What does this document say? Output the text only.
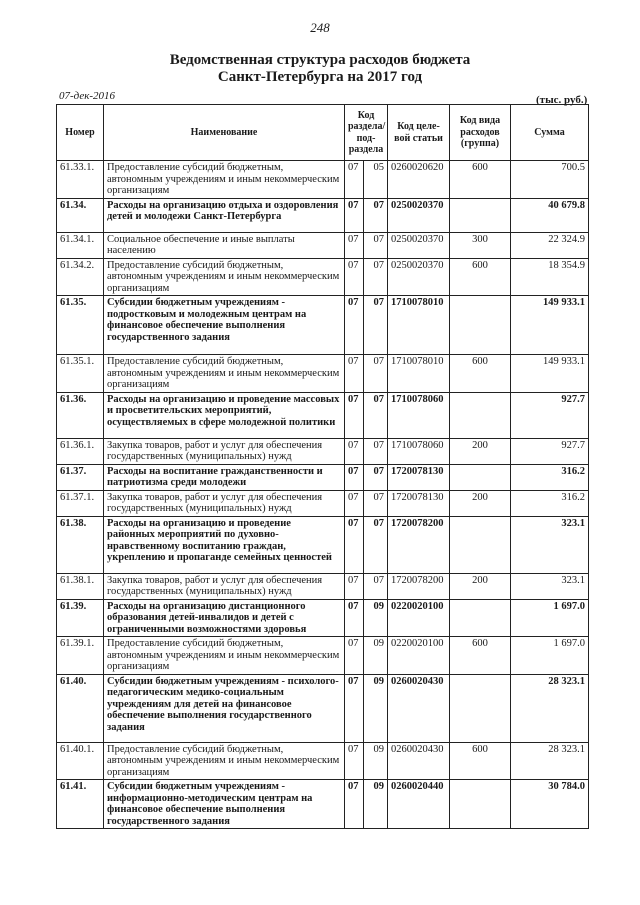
248
Ведомственная структура расходов бюджета
Санкт-Петербурга на 2017 год
07-дек-2016	(тыс. руб.)
Номер	Наименование	Код раздела/ под-раздела		Код целе-вой статьи	Код вида расходов (группа)	Сумма
61.33.1.	Предоставление субсидий бюджетным, автономным учреждениям и иным некоммерческим организациям	07	05	0260020620	600	700.5
61.34.	Расходы на организацию отдыха и оздоровления детей и молодежи Санкт-Петербурга	07	07	0250020370		40 679.8
61.34.1.	Социальное обеспечение и иные выплаты населению	07	07	0250020370	300	22 324.9
61.34.2.	Предоставление субсидий бюджетным, автономным учреждениям и иным некоммерческим организациям	07	07	0250020370	600	18 354.9
61.35.	Субсидии бюджетным учреждениям - подростковым и молодежным центрам на финансовое обеспечение выполнения государственного задания	07	07	1710078010		149 933.1
61.35.1.	Предоставление субсидий бюджетным, автономным учреждениям и иным некоммерческим организациям	07	07	1710078010	600	149 933.1
61.36.	Расходы на организацию и проведение массовых и просветительских мероприятий, осуществляемых в сфере молодежной политики	07	07	1710078060		927.7
61.36.1.	Закупка товаров, работ и услуг для обеспечения государственных (муниципальных) нужд	07	07	1710078060	200	927.7
61.37.	Расходы на воспитание гражданственности и патриотизма среди молодежи	07	07	1720078130		316.2
61.37.1.	Закупка товаров, работ и услуг для обеспечения государственных (муниципальных) нужд	07	07	1720078130	200	316.2
61.38.	Расходы на организацию и проведение районных мероприятий по духовно-нравственному воспитанию граждан, укреплению и пропаганде семейных ценностей	07	07	1720078200		323.1
61.38.1.	Закупка товаров, работ и услуг для обеспечения государственных (муниципальных) нужд	07	07	1720078200	200	323.1
61.39.	Расходы на организацию дистанционного образования детей-инвалидов и детей с ограниченными возможностями здоровья	07	09	0220020100		1 697.0
61.39.1.	Предоставление субсидий бюджетным, автономным учреждениям и иным некоммерческим организациям	07	09	0220020100	600	1 697.0
61.40.	Субсидии бюджетным учреждениям - психолого-педагогическим медико-социальным учреждениям для детей на финансовое обеспечение выполнения государственного задания	07	09	0260020430		28 323.1
61.40.1.	Предоставление субсидий бюджетным, автономным учреждениям и иным некоммерческим организациям	07	09	0260020430	600	28 323.1
61.41.	Субсидии бюджетным учреждениям - информационно-методическим центрам на финансовое обеспечение выполнения государственного задания	07	09	0260020440		30 784.0
